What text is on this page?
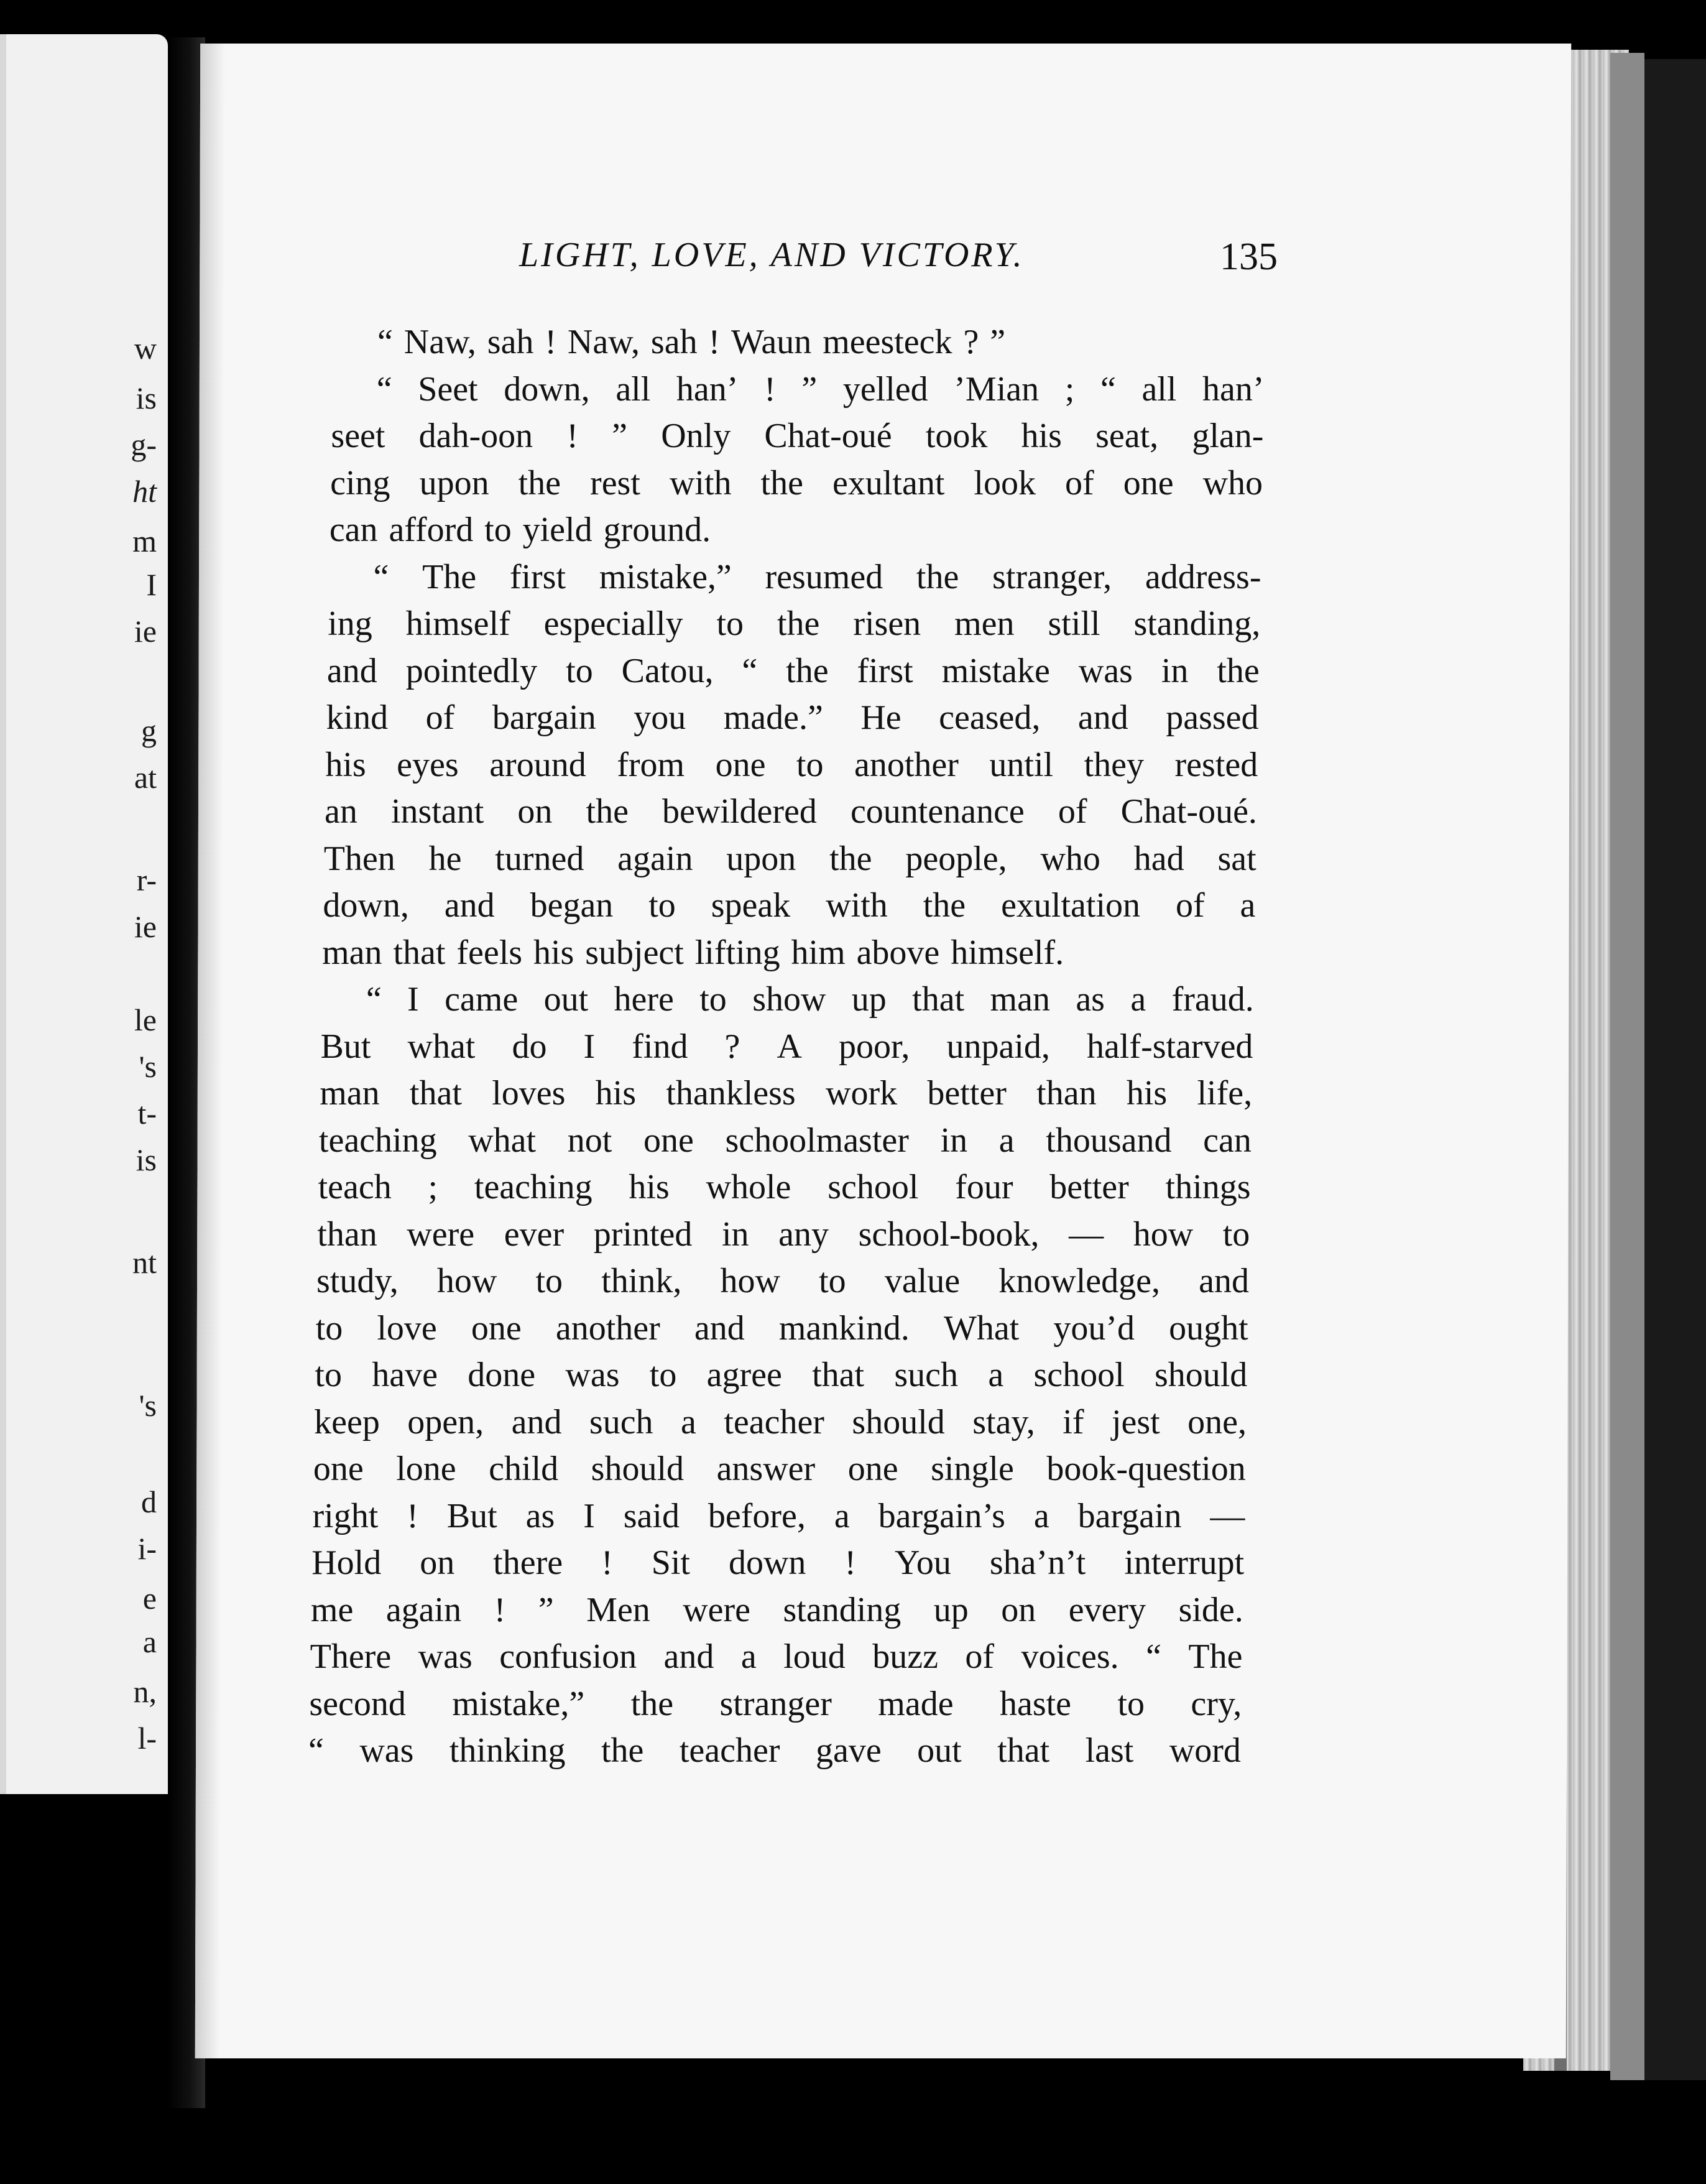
w
is
g-
ht
m
I
ie
g
at
r-
ie
le
's
t-
is
nt
's
d
i-
e
a
n,
l-
LIGHT, LOVE, AND VICTORY.	135
“ Naw, sah ! Naw, sah ! Waun meesteck ? ”
“ Seet down, all han’ ! ” yelled ’Mian ; “ all han’
seet dah-oon ! ” Only Chat-oué took his seat, glan-
cing upon the rest with the exultant look of one who
can afford to yield ground.
“ The first mistake,” resumed the stranger, address-
ing himself especially to the risen men still standing,
and pointedly to Catou, “ the first mistake was in the
kind of bargain you made.” He ceased, and passed
his eyes around from one to another until they rested
an instant on the bewildered countenance of Chat-oué.
Then he turned again upon the people, who had sat
down, and began to speak with the exultation of a
man that feels his subject lifting him above himself.
“ I came out here to show up that man as a fraud.
But what do I find ? A poor, unpaid, half-starved
man that loves his thankless work better than his life,
teaching what not one schoolmaster in a thousand can
teach ; teaching his whole school four better things
than were ever printed in any school-book, — how to
study, how to think, how to value knowledge, and
to love one another and mankind. What you’d ought
to have done was to agree that such a school should
keep open, and such a teacher should stay, if jest one,
one lone child should answer one single book-question
right ! But as I said before, a bargain’s a bargain —
Hold on there ! Sit down ! You sha’n’t interrupt
me again ! ” Men were standing up on every side.
There was confusion and a loud buzz of voices. “ The
second mistake,” the stranger made haste to cry,
“ was thinking the teacher gave out that last word
